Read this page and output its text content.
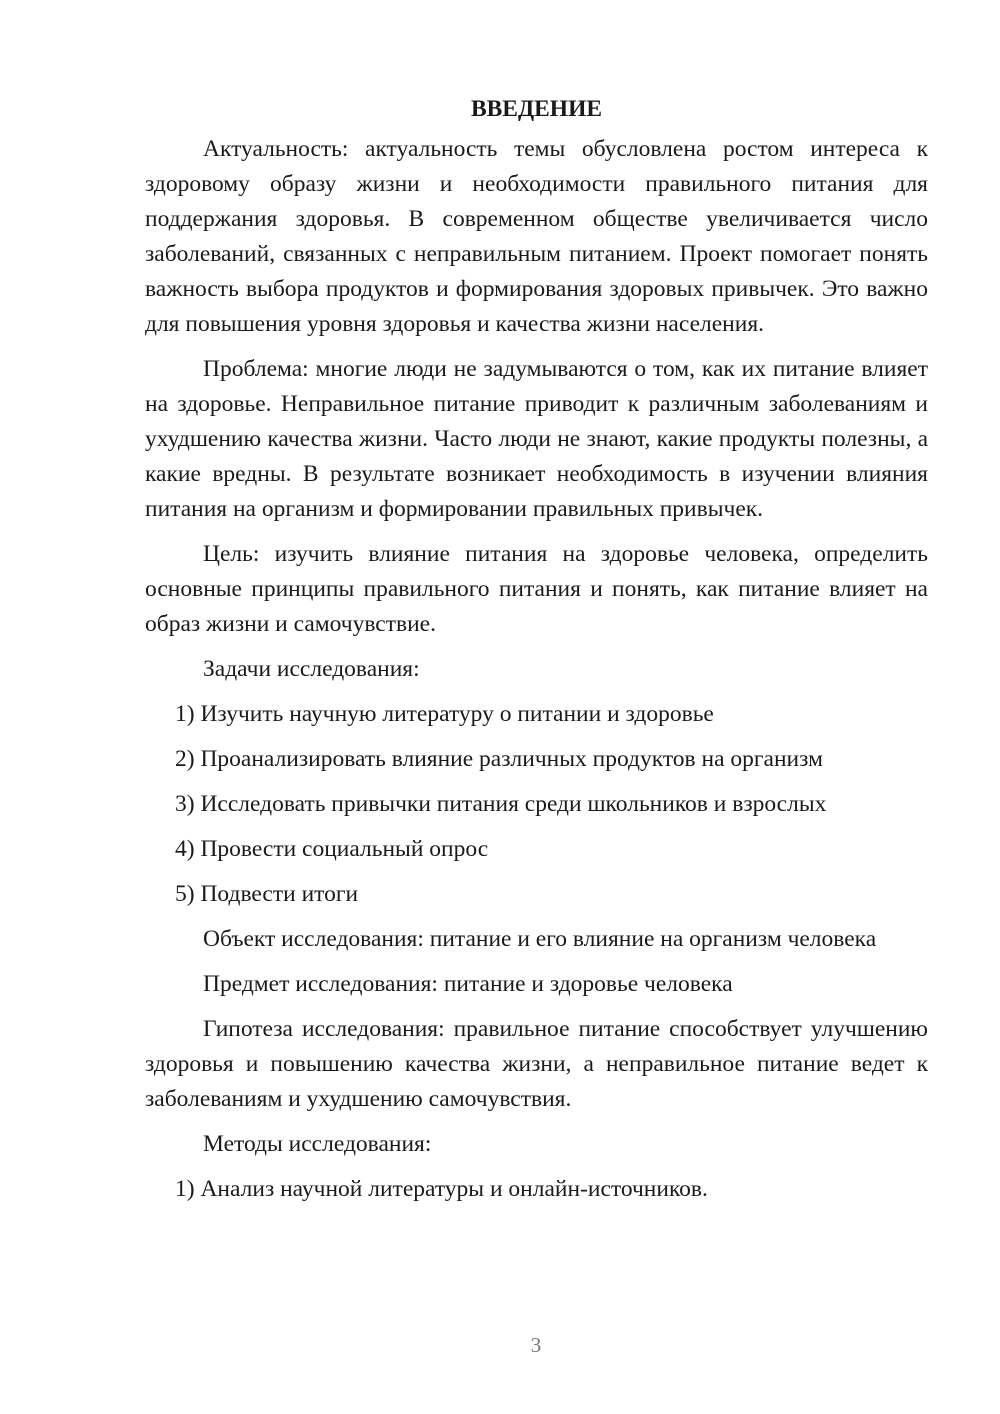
ВВЕДЕНИЕ

Актуальность: актуальность темы обусловлена ростом интереса к здоровому образу жизни и необходимости правильного питания для поддержания здоровья. В современном обществе увеличивается число заболеваний, связанных с неправильным питанием. Проект помогает понять важность выбора продуктов и формирования здоровых привычек. Это важно для повышения уровня здоровья и качества жизни населения.

Проблема: многие люди не задумываются о том, как их питание влияет на здоровье. Неправильное питание приводит к различным заболеваниям и ухудшению качества жизни. Часто люди не знают, какие продукты полезны, а какие вредны. В результате возникает необходимость в изучении влияния питания на организм и формировании правильных привычек.

Цель: изучить влияние питания на здоровье человека, определить основные принципы правильного питания и понять, как питание влияет на образ жизни и самочувствие.

Задачи исследования:
1) Изучить научную литературу о питании и здоровье
2) Проанализировать влияние различных продуктов на организм
3) Исследовать привычки питания среди школьников и взрослых
4) Провести социальный опрос
5) Подвести итоги
Объект исследования: питание и его влияние на организм человека
Предмет исследования: питание и здоровье человека

Гипотеза исследования: правильное питание способствует улучшению здоровья и повышению качества жизни, а неправильное питание ведет к заболеваниям и ухудшению самочувствия.

Методы исследования:
1) Анализ научной литературы и онлайн-источников.
3
